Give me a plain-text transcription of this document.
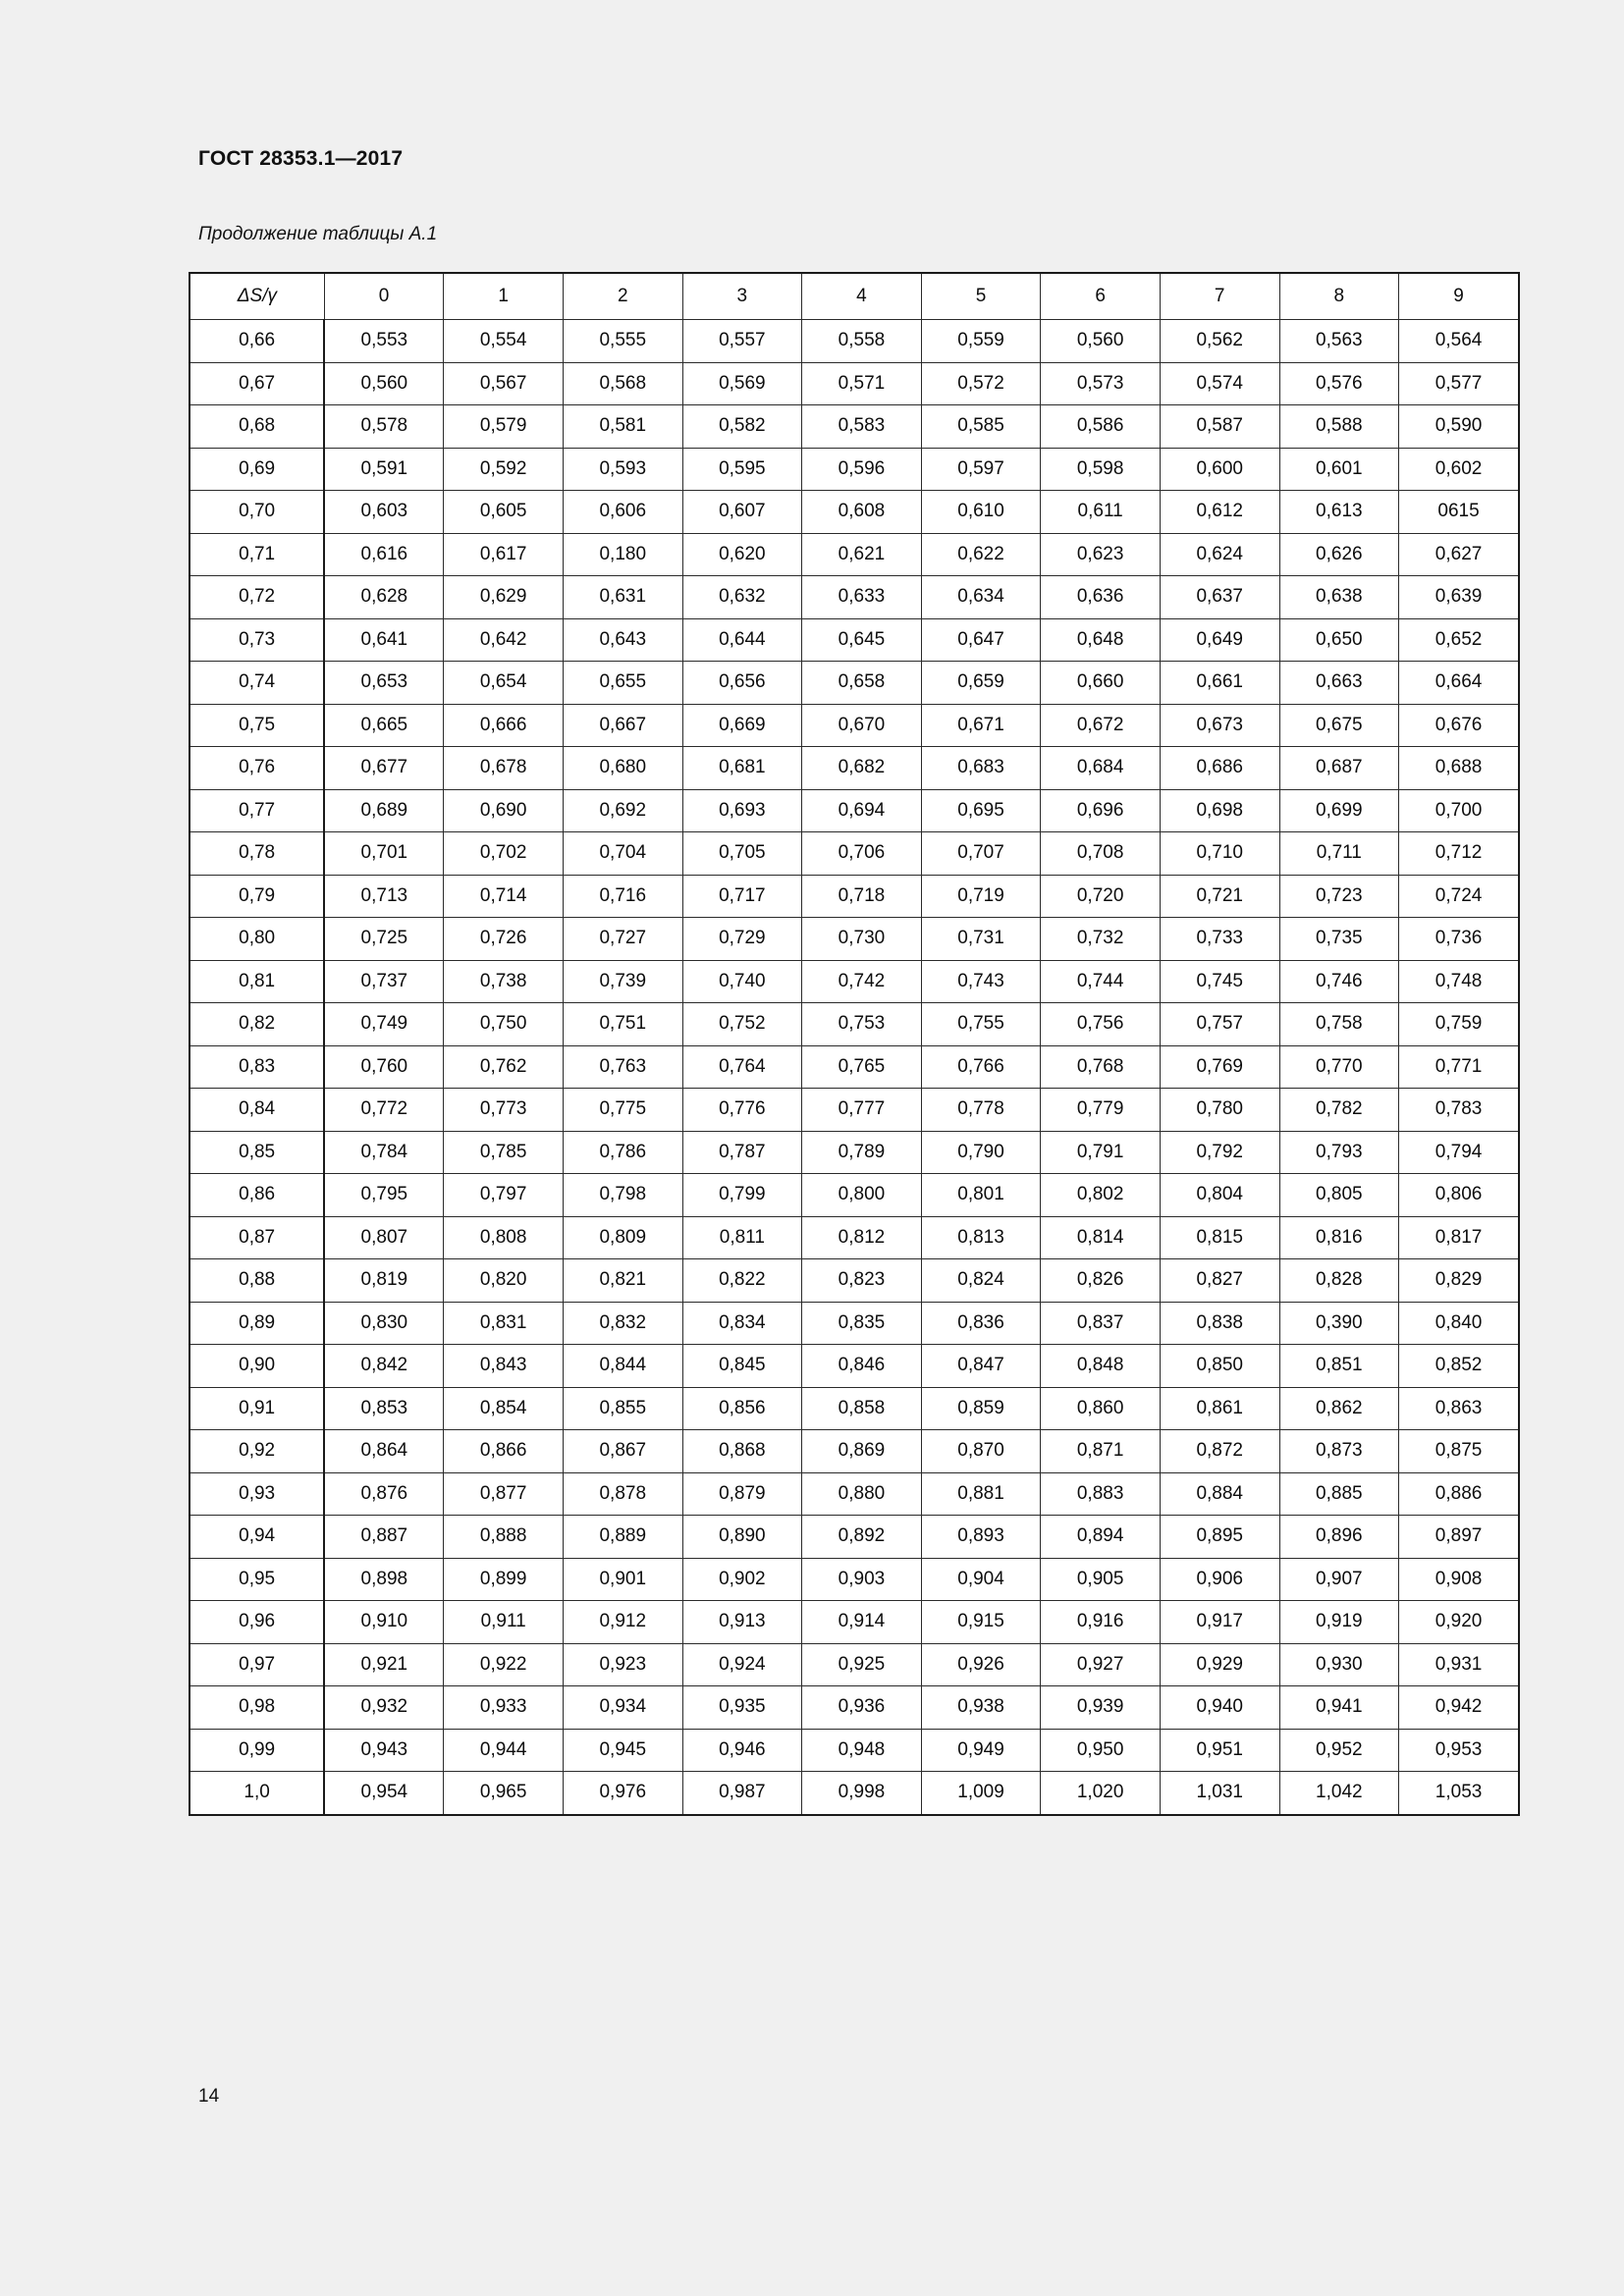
ГОСТ 28353.1—2017
Продолжение таблицы А.1
ΔS/γ	0	1	2	3	4	5	6	7	8	9
0,66	0,553	0,554	0,555	0,557	0,558	0,559	0,560	0,562	0,563	0,564
0,67	0,560	0,567	0,568	0,569	0,571	0,572	0,573	0,574	0,576	0,577
0,68	0,578	0,579	0,581	0,582	0,583	0,585	0,586	0,587	0,588	0,590
0,69	0,591	0,592	0,593	0,595	0,596	0,597	0,598	0,600	0,601	0,602
0,70	0,603	0,605	0,606	0,607	0,608	0,610	0,611	0,612	0,613	0615
0,71	0,616	0,617	0,180	0,620	0,621	0,622	0,623	0,624	0,626	0,627
0,72	0,628	0,629	0,631	0,632	0,633	0,634	0,636	0,637	0,638	0,639
0,73	0,641	0,642	0,643	0,644	0,645	0,647	0,648	0,649	0,650	0,652
0,74	0,653	0,654	0,655	0,656	0,658	0,659	0,660	0,661	0,663	0,664
0,75	0,665	0,666	0,667	0,669	0,670	0,671	0,672	0,673	0,675	0,676
0,76	0,677	0,678	0,680	0,681	0,682	0,683	0,684	0,686	0,687	0,688
0,77	0,689	0,690	0,692	0,693	0,694	0,695	0,696	0,698	0,699	0,700
0,78	0,701	0,702	0,704	0,705	0,706	0,707	0,708	0,710	0,711	0,712
0,79	0,713	0,714	0,716	0,717	0,718	0,719	0,720	0,721	0,723	0,724
0,80	0,725	0,726	0,727	0,729	0,730	0,731	0,732	0,733	0,735	0,736
0,81	0,737	0,738	0,739	0,740	0,742	0,743	0,744	0,745	0,746	0,748
0,82	0,749	0,750	0,751	0,752	0,753	0,755	0,756	0,757	0,758	0,759
0,83	0,760	0,762	0,763	0,764	0,765	0,766	0,768	0,769	0,770	0,771
0,84	0,772	0,773	0,775	0,776	0,777	0,778	0,779	0,780	0,782	0,783
0,85	0,784	0,785	0,786	0,787	0,789	0,790	0,791	0,792	0,793	0,794
0,86	0,795	0,797	0,798	0,799	0,800	0,801	0,802	0,804	0,805	0,806
0,87	0,807	0,808	0,809	0,811	0,812	0,813	0,814	0,815	0,816	0,817
0,88	0,819	0,820	0,821	0,822	0,823	0,824	0,826	0,827	0,828	0,829
0,89	0,830	0,831	0,832	0,834	0,835	0,836	0,837	0,838	0,390	0,840
0,90	0,842	0,843	0,844	0,845	0,846	0,847	0,848	0,850	0,851	0,852
0,91	0,853	0,854	0,855	0,856	0,858	0,859	0,860	0,861	0,862	0,863
0,92	0,864	0,866	0,867	0,868	0,869	0,870	0,871	0,872	0,873	0,875
0,93	0,876	0,877	0,878	0,879	0,880	0,881	0,883	0,884	0,885	0,886
0,94	0,887	0,888	0,889	0,890	0,892	0,893	0,894	0,895	0,896	0,897
0,95	0,898	0,899	0,901	0,902	0,903	0,904	0,905	0,906	0,907	0,908
0,96	0,910	0,911	0,912	0,913	0,914	0,915	0,916	0,917	0,919	0,920
0,97	0,921	0,922	0,923	0,924	0,925	0,926	0,927	0,929	0,930	0,931
0,98	0,932	0,933	0,934	0,935	0,936	0,938	0,939	0,940	0,941	0,942
0,99	0,943	0,944	0,945	0,946	0,948	0,949	0,950	0,951	0,952	0,953
1,0	0,954	0,965	0,976	0,987	0,998	1,009	1,020	1,031	1,042	1,053
14
